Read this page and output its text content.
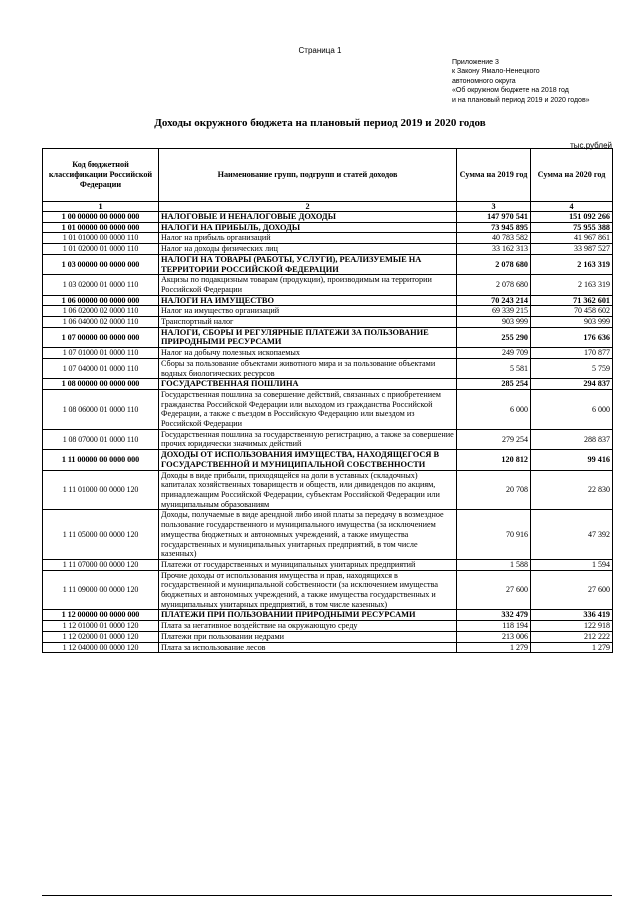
Страница 1
Приложение 3
к Закону Ямало-Ненецкого
автономного округа
«Об окружном бюджете на 2018 год
и на плановый период 2019 и 2020 годов»
Доходы окружного бюджета на плановый период 2019 и 2020 годов
тыс.рублей
Код бюджетной классификации Российской Федерации	Наименование групп, подгрупп и статей доходов	Сумма на 2019 год	Сумма на 2020 год
1	2	3	4
1 00 00000 00 0000 000	НАЛОГОВЫЕ И НЕНАЛОГОВЫЕ ДОХОДЫ	147 970 541	151 092 266
1 01 00000 00 0000 000	НАЛОГИ НА ПРИБЫЛЬ, ДОХОДЫ	73 945 895	75 955 388
1 01 01000 00 0000 110	Налог на прибыль организаций	40 783 582	41 967 861
1 01 02000 01 0000 110	Налог на доходы физических лиц	33 162 313	33 987 527
1 03 00000 00 0000 000	НАЛОГИ НА ТОВАРЫ (РАБОТЫ, УСЛУГИ), РЕАЛИЗУЕМЫЕ НА ТЕРРИТОРИИ РОССИЙСКОЙ ФЕДЕРАЦИИ	2 078 680	2 163 319
1 03 02000 01 0000 110	Акцизы по подакцизным товарам (продукции), производимым на территории Российской Федерации	2 078 680	2 163 319
1 06 00000 00 0000 000	НАЛОГИ НА ИМУЩЕСТВО	70 243 214	71 362 601
1 06 02000 02 0000 110	Налог на имущество организаций	69 339 215	70 458 602
1 06 04000 02 0000 110	Транспортный налог	903 999	903 999
1 07 00000 00 0000 000	НАЛОГИ, СБОРЫ И РЕГУЛЯРНЫЕ ПЛАТЕЖИ ЗА ПОЛЬЗОВАНИЕ ПРИРОДНЫМИ РЕСУРСАМИ	255 290	176 636
1 07 01000 01 0000 110	Налог на добычу полезных ископаемых	249 709	170 877
1 07 04000 01 0000 110	Сборы за пользование объектами животного мира и за пользование объектами водных биологических ресурсов	5 581	5 759
1 08 00000 00 0000 000	ГОСУДАРСТВЕННАЯ ПОШЛИНА	285 254	294 837
1 08 06000 01 0000 110	Государственная пошлина за совершение действий, связанных с приобретением гражданства Российской Федерации или выходом из гражданства Российской Федерации, а также с въездом в Российскую Федерацию или выездом из Российской Федерации	6 000	6 000
1 08 07000 01 0000 110	Государственная пошлина за государственную регистрацию, а также за совершение прочих юридически значимых действий	279 254	288 837
1 11 00000 00 0000 000	ДОХОДЫ ОТ ИСПОЛЬЗОВАНИЯ ИМУЩЕСТВА, НАХОДЯЩЕГОСЯ В ГОСУДАРСТВЕННОЙ И МУНИЦИПАЛЬНОЙ СОБСТВЕННОСТИ	120 812	99 416
1 11 01000 00 0000 120	Доходы в виде прибыли, приходящейся на доли в уставных (складочных) капиталах хозяйственных товариществ и обществ, или дивидендов по акциям, принадлежащим Российской Федерации, субъектам Российской Федерации или муниципальным образованиям	20 708	22 830
1 11 05000 00 0000 120	Доходы, получаемые в виде арендной либо иной платы за передачу в возмездное пользование государственного и муниципального имущества (за исключением имущества бюджетных и автономных учреждений, а также имущества государственных и муниципальных унитарных предприятий, в том числе казенных)	70 916	47 392
1 11 07000 00 0000 120	Платежи от государственных и муниципальных унитарных предприятий	1 588	1 594
1 11 09000 00 0000 120	Прочие доходы от использования имущества и прав, находящихся в государственной и муниципальной собственности (за исключением имущества бюджетных и автономных учреждений, а также имущества государственных и муниципальных унитарных предприятий, в том числе казенных)	27 600	27 600
1 12 00000 00 0000 000	ПЛАТЕЖИ ПРИ ПОЛЬЗОВАНИИ ПРИРОДНЫМИ РЕСУРСАМИ	332 479	336 419
1 12 01000 01 0000 120	Плата за негативное воздействие на окружающую среду	118 194	122 918
1 12 02000 01 0000 120	Платежи при пользовании недрами	213 006	212 222
1 12 04000 00 0000 120	Плата за использование лесов	1 279	1 279
